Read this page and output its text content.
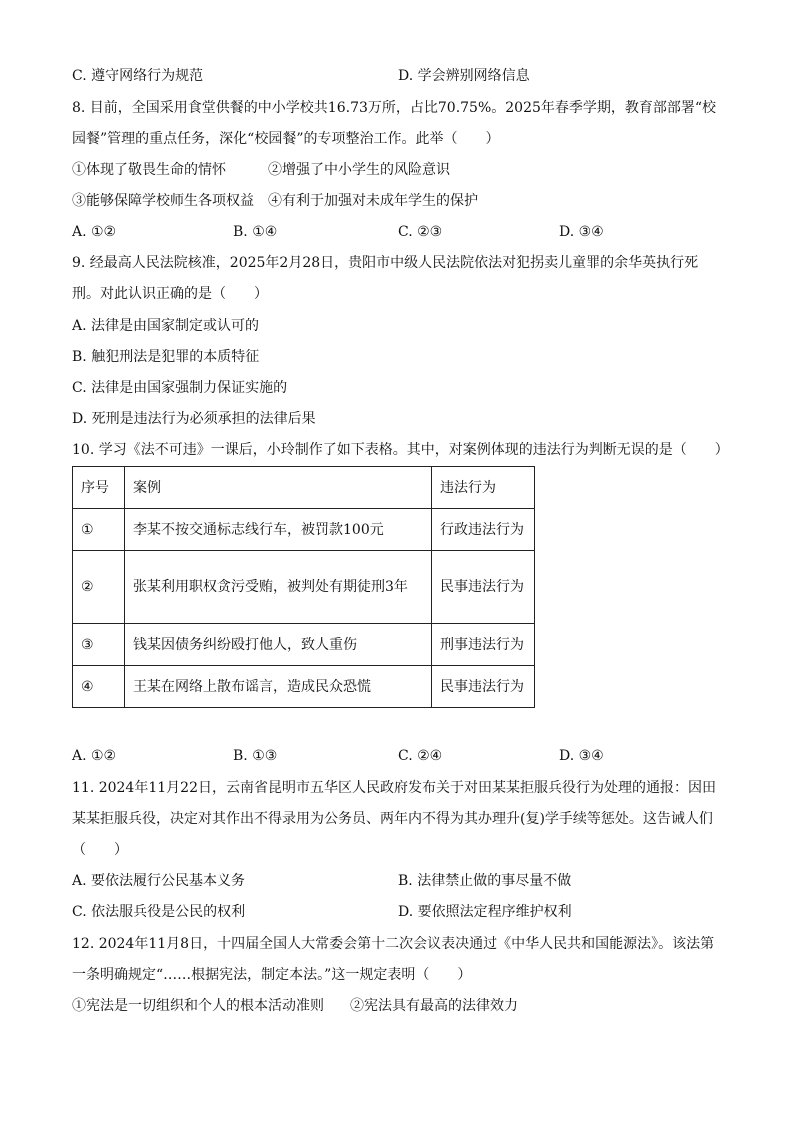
C. 遵守网络行为规范	D. 学会辨别网络信息
8. 目前，全国采用食堂供餐的中小学校共16.73万所，占比70.75%。2025年春季学期，教育部部署“校
园餐”管理的重点任务，深化“校园餐”的专项整治工作。此举（　　）
①体现了敬畏生命的情怀	②增强了中小学生的风险意识
③能够保障学校师生各项权益 ④有利于加强对未成年学生的保护
A. ①②	B. ①④	C. ②③	D. ③④
9. 经最高人民法院核准，2025年2月28日，贵阳市中级人民法院依法对犯拐卖儿童罪的余华英执行死
刑。对此认识正确的是（　　）
A. 法律是由国家制定或认可的
B. 触犯刑法是犯罪的本质特征
C. 法律是由国家强制力保证实施的
D. 死刑是违法行为必须承担的法律后果
10. 学习《法不可违》一课后，小玲制作了如下表格。其中，对案例体现的违法行为判断无误的是（　　）
序号	案例	违法行为
①	李某不按交通标志线行车，被罚款100元	行政违法行为
②	张某利用职权贪污受贿，被判处有期徒刑3年	民事违法行为
③	钱某因债务纠纷殴打他人，致人重伤	刑事违法行为
④	王某在网络上散布谣言，造成民众恐慌	民事违法行为
A. ①②	B. ①③	C. ②④	D. ③④
11. 2024年11月22日，云南省昆明市五华区人民政府发布关于对田某某拒服兵役行为处理的通报：因田
某某拒服兵役，决定对其作出不得录用为公务员、两年内不得为其办理升(复)学手续等惩处。这告诫人们
（　　）
A. 要依法履行公民基本义务	B. 法律禁止做的事尽量不做
C. 依法服兵役是公民的权利	D. 要依照法定程序维护权利
12. 2024年11月8日，十四届全国人大常委会第十二次会议表决通过《中华人民共和国能源法》。该法第
一条明确规定“……根据宪法，制定本法。”这一规定表明（　　）
①宪法是一切组织和个人的根本活动准则 ②宪法具有最高的法律效力
